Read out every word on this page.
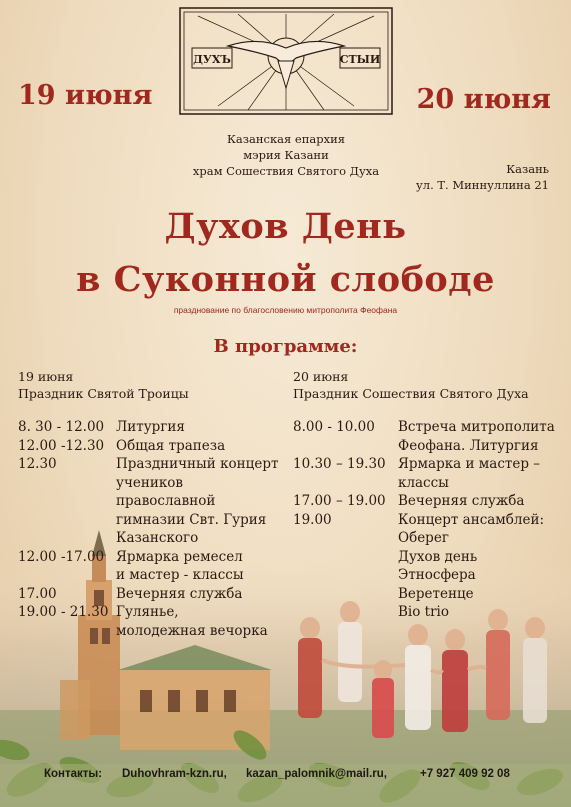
ДУХЪ	СТЫИ
19 июня	20 июня
Казанская епархия
мэрия Казани
храм Сошествия Святого Духа	Казань
ул. Т. Миннуллина 21
Духов День
в Суконной слободе
празднование по благословению митрополита Феофана
В программе:
19 июня
Праздник Святой Троицы
8. 30 - 12.00 Литургия
12.00 -12.30 Общая трапеза
12.30	Праздничный концерт
учеников православной
гимназии Свт. Гурия
Казанского
12.00 -17.00 Ярмарка ремесел
и мастер - классы
17.00	Вечерняя служба
19.00 - 21.30 Гулянье,
молодежная вечорка
20 июня
Праздник Сошествия Святого Духа
8.00 - 10.00	Встреча митрополита
Феофана. Литургия
10.30 – 19.30 Ярмарка и мастер –
классы
17.00 – 19.00 Вечерняя служба
19.00	Концерт ансамблей:
Оберег
Духов день
Этносфера
Веретенце
Bio trio
Контакты: Duhovhram-kzn.ru, kazan_palomnik@mail.ru,	+7 927 409 92 08
